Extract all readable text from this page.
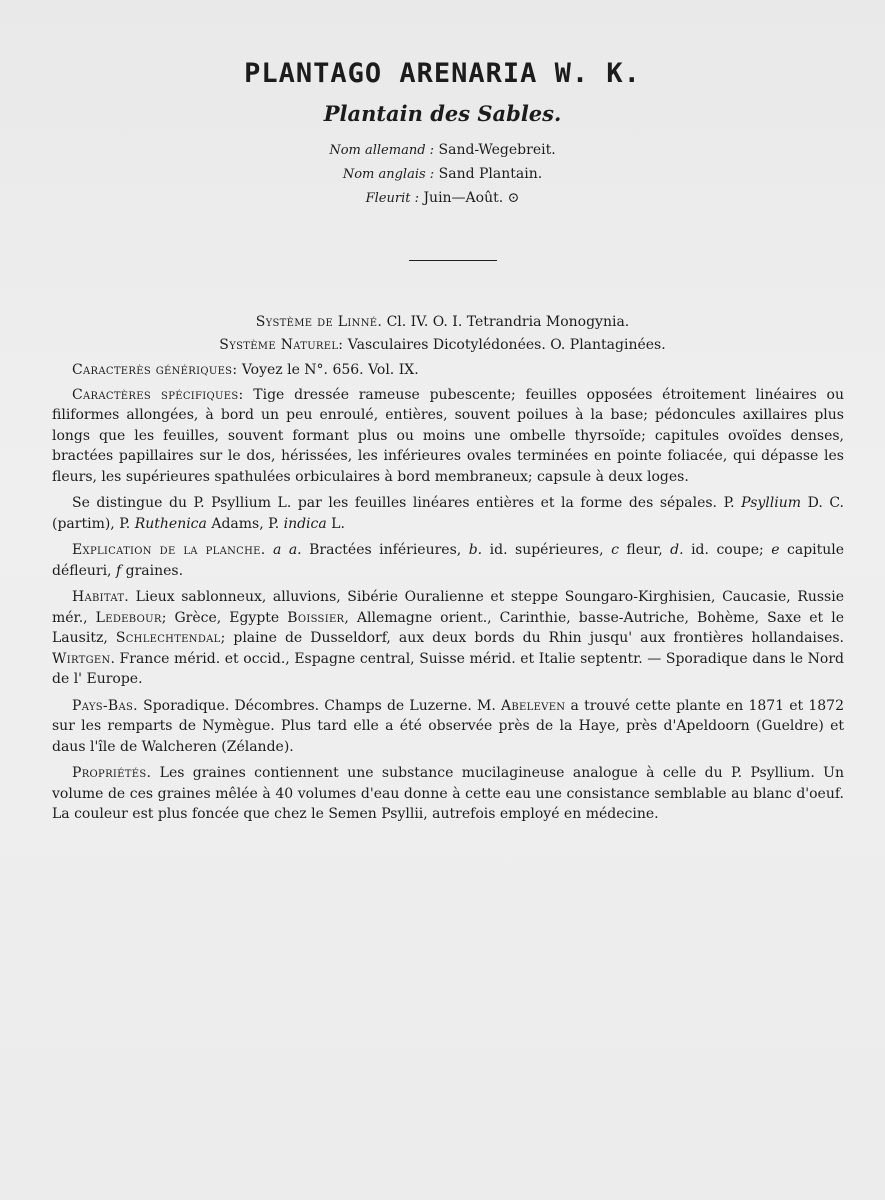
PLANTAGO ARENARIA W. K.
Plantain des Sables.
Nom allemand : Sand-Wegebreit.
Nom anglais : Sand Plantain.
Fleurit : Juin—Août. ⊙
Système de Linné. Cl. IV. O. I. Tetrandria Monogynia.
Système Naturel: Vasculaires Dicotylédonées. O. Plantaginées.

Caracterès génériques: Voyez le N°. 656. Vol. IX.

Caractères spécifiques: Tige dressée rameuse pubescente; feuilles opposées étroitement linéaires ou filiformes allongées, à bord un peu enroulé, entières, souvent poilues à la base; pédoncules axillaires plus longs que les feuilles, souvent formant plus ou moins une ombelle thyrsoïde; capitules ovoïdes denses, bractées papillaires sur le dos, hérissées, les inférieures ovales terminées en pointe foliacée, qui dépasse les fleurs, les supérieures spathulées orbiculaires à bord membraneux; capsule à deux loges.

Se distingue du P. Psyllium L. par les feuilles linéares entières et la forme des sépales. P. Psyllium D. C. (partim), P. Ruthenica Adams, P. indica L.

Explication de la planche. a a. Bractées inférieures, b. id. supérieures, c fleur, d. id. coupe; e capitule défleuri, f graines.

Habitat. Lieux sablonneux, alluvions, Sibérie Ouralienne et steppe Soungaro-Kirghisien, Caucasie, Russie mér., Ledebour; Grèce, Egypte Boissier, Allemagne orient., Carinthie, basse-Autriche, Bohème, Saxe et le Lausitz, Schlechtendal; plaine de Dusseldorf, aux deux bords du Rhin jusqu' aux frontières hollandaises. Wirtgen. France mérid. et occid., Espagne central, Suisse mérid. et Italie septentr. — Sporadique dans le Nord de l' Europe.

Pays-Bas. Sporadique. Décombres. Champs de Luzerne. M. Abeleven a trouvé cette plante en 1871 et 1872 sur les remparts de Nymègue. Plus tard elle a été observée près de la Haye, près d'Apeldoorn (Gueldre) et daus l'île de Walcheren (Zélande).

Propriétés. Les graines contiennent une substance mucilagineuse analogue à celle du P. Psyllium. Un volume de ces graines mêlée à 40 volumes d'eau donne à cette eau une consistance semblable au blanc d'oeuf. La couleur est plus foncée que chez le Semen Psyllii, autrefois employé en médecine.
